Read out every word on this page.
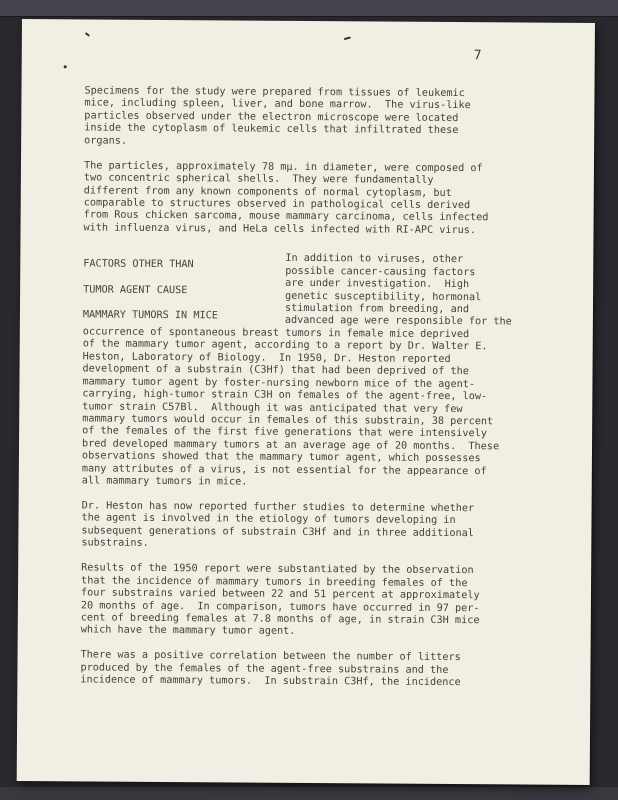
7
Specimens for the study were prepared from tissues of leukemic
mice, including spleen, liver, and bone marrow.  The virus-like
particles observed under the electron microscope were located
inside the cytoplasm of leukemic cells that infiltrated these
organs.
The particles, approximately 78 mµ. in diameter, were composed of
two concentric spherical shells.  They were fundamentally
different from any known components of normal cytoplasm, but
comparable to structures observed in pathological cells derived
from Rous chicken sarcoma, mouse mammary carcinoma, cells infected
with influenza virus, and HeLa cells infected with RI-APC virus.
FACTORS OTHER THAN
TUMOR AGENT CAUSE
MAMMARY TUMORS IN MICE
In addition to viruses, other
possible cancer-causing factors
are under investigation.  High
genetic susceptibility, hormonal
stimulation from breeding, and
advanced age were responsible for the
occurrence of spontaneous breast tumors in female mice deprived
of the mammary tumor agent, according to a report by Dr. Walter E.
Heston, Laboratory of Biology.  In 1950, Dr. Heston reported
development of a substrain (C3Hf) that had been deprived of the
mammary tumor agent by foster-nursing newborn mice of the agent-
carrying, high-tumor strain C3H on females of the agent-free, low-
tumor strain C57Bl.  Although it was anticipated that very few
mammary tumors would occur in females of this substrain, 38 percent
of the females of the first five generations that were intensively
bred developed mammary tumors at an average age of 20 months.  These
observations showed that the mammary tumor agent, which possesses
many attributes of a virus, is not essential for the appearance of
all mammary tumors in mice.
Dr. Heston has now reported further studies to determine whether
the agent is involved in the etiology of tumors developing in
subsequent generations of substrain C3Hf and in three additional
substrains.
Results of the 1950 report were substantiated by the observation
that the incidence of mammary tumors in breeding females of the
four substrains varied between 22 and 51 percent at approximately
20 months of age.  In comparison, tumors have occurred in 97 per-
cent of breeding females at 7.8 months of age, in strain C3H mice
which have the mammary tumor agent.
There was a positive correlation between the number of litters
produced by the females of the agent-free substrains and the
incidence of mammary tumors.  In substrain C3Hf, the incidence
